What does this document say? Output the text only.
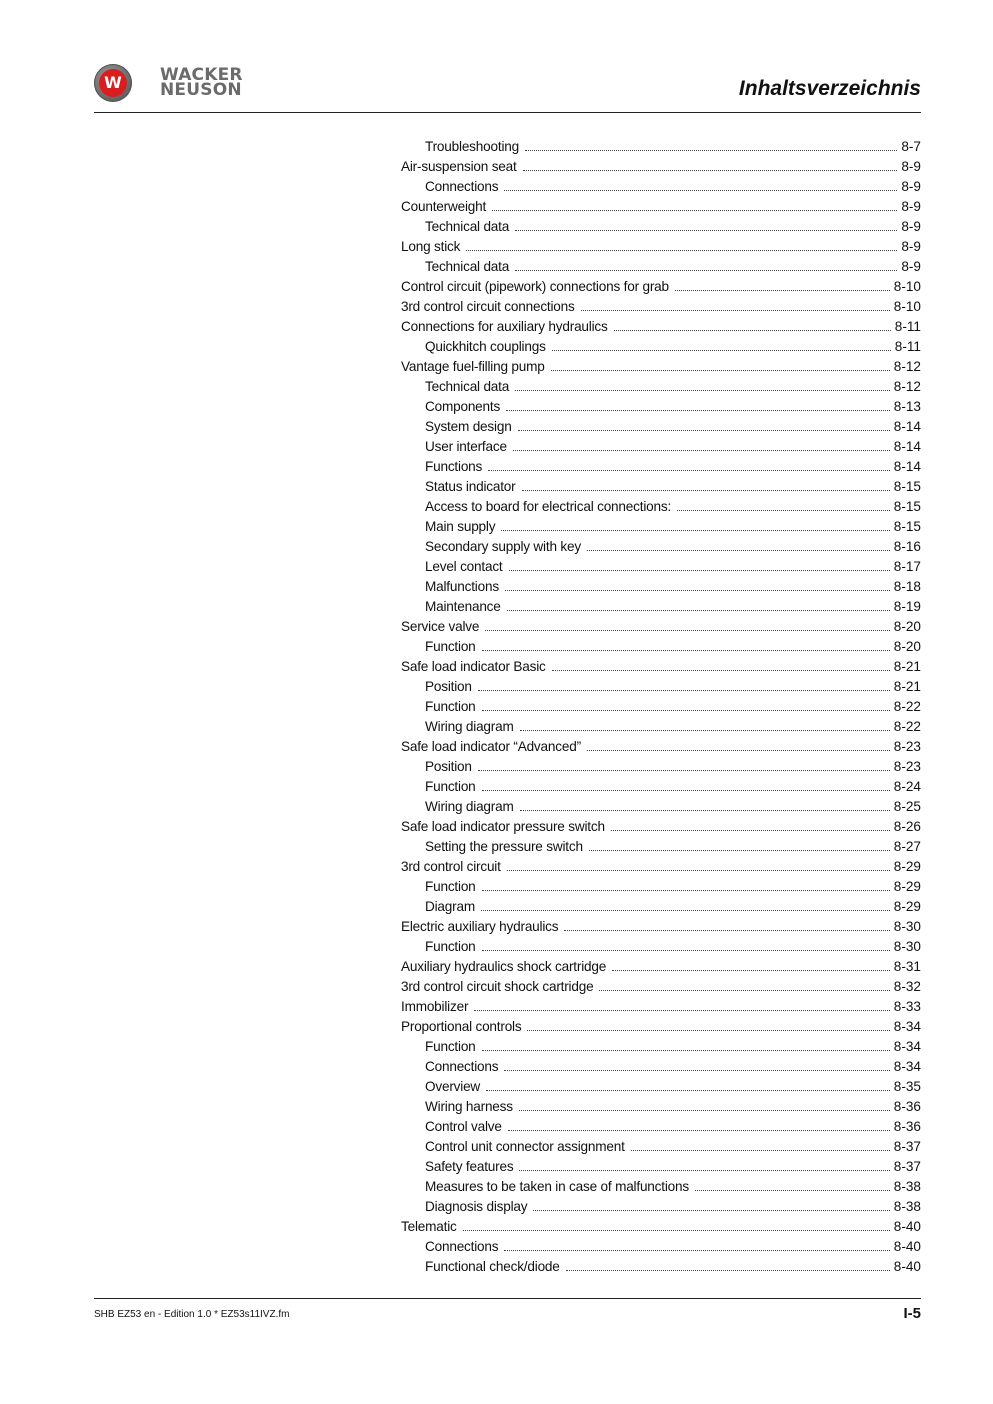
W	WACKER
NEUSON	Inhaltsverzeichnis
Troubleshooting	8-7
Air-suspension seat	8-9
Connections	8-9
Counterweight	8-9
Technical data	8-9
Long stick	8-9
Technical data	8-9
Control circuit (pipework) connections for grab	8-10
3rd control circuit connections	8-10
Connections for auxiliary hydraulics	8-11
Quickhitch couplings	8-11
Vantage fuel-filling pump	8-12
Technical data	8-12
Components	8-13
System design	8-14
User interface	8-14
Functions	8-14
Status indicator	8-15
Access to board for electrical connections:	8-15
Main supply	8-15
Secondary supply with key	8-16
Level contact	8-17
Malfunctions	8-18
Maintenance	8-19
Service valve	8-20
Function	8-20
Safe load indicator Basic	8-21
Position	8-21
Function	8-22
Wiring diagram	8-22
Safe load indicator “Advanced”	8-23
Position	8-23
Function	8-24
Wiring diagram	8-25
Safe load indicator pressure switch	8-26
Setting the pressure switch	8-27
3rd control circuit	8-29
Function	8-29
Diagram	8-29
Electric auxiliary hydraulics	8-30
Function	8-30
Auxiliary hydraulics shock cartridge	8-31
3rd control circuit shock cartridge	8-32
Immobilizer	8-33
Proportional controls	8-34
Function	8-34
Connections	8-34
Overview	8-35
Wiring harness	8-36
Control valve	8-36
Control unit connector assignment	8-37
Safety features	8-37
Measures to be taken in case of malfunctions	8-38
Diagnosis display	8-38
Telematic	8-40
Connections	8-40
Functional check/diode	8-40
SHB EZ53 en - Edition 1.0 * EZ53s11IVZ.fm	I-5
